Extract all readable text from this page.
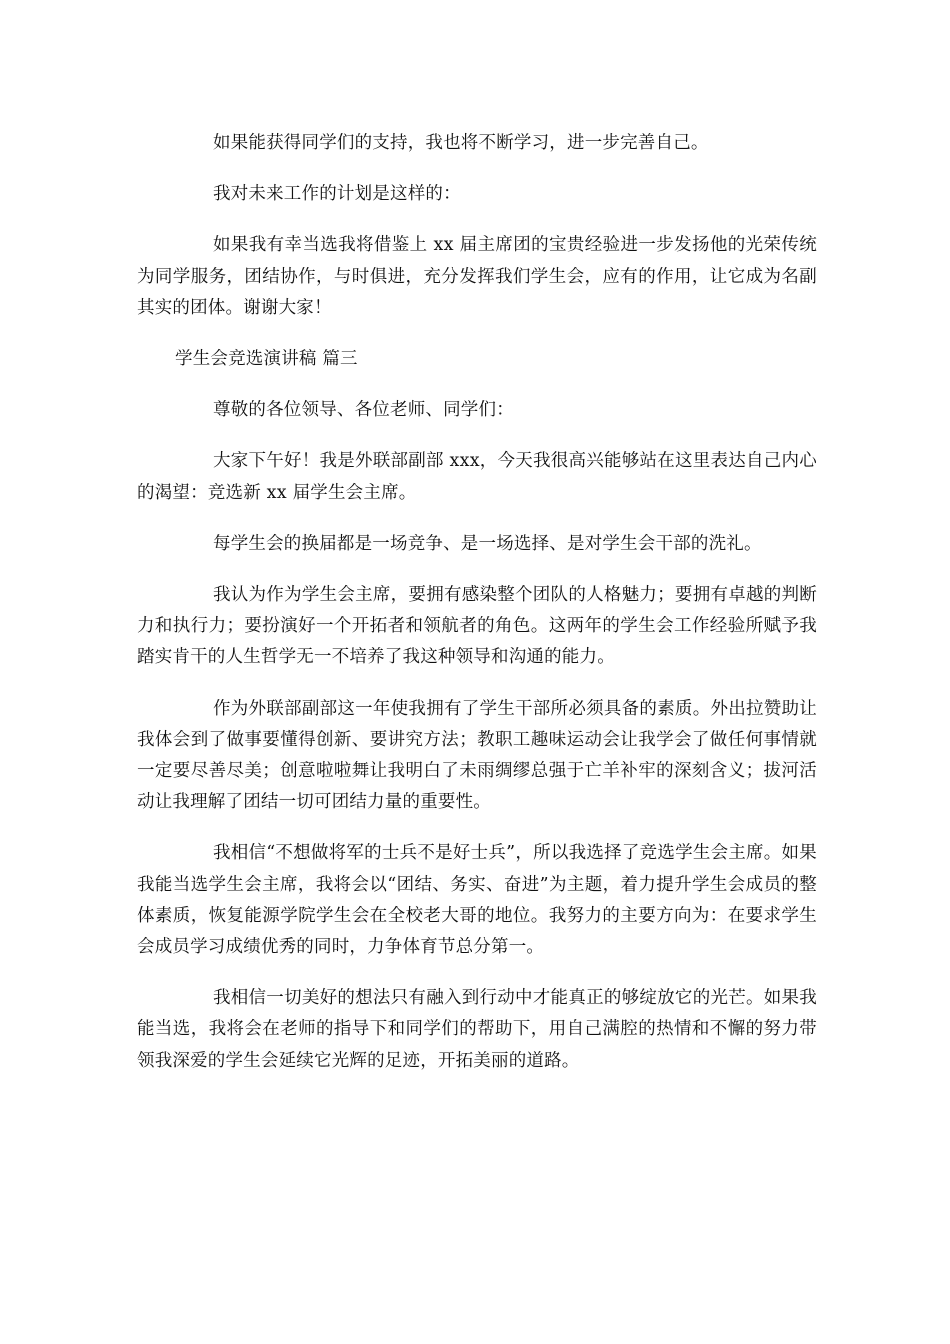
如果能获得同学们的支持，我也将不断学习，进一步完善自己。

我对未来工作的计划是这样的：

如果我有幸当选我将借鉴上 xx 届主席团的宝贵经验进一步发扬他的光荣传统为同学服务，团结协作，与时俱进，充分发挥我们学生会，应有的作用，让它成为名副其实的团体。谢谢大家！

学生会竞选演讲稿 篇三

尊敬的各位领导、各位老师、同学们：

大家下午好！我是外联部副部 xxx，今天我很高兴能够站在这里表达自己内心的渴望：竞选新 xx 届学生会主席。

每学生会的换届都是一场竞争、是一场选择、是对学生会干部的洗礼。

我认为作为学生会主席，要拥有感染整个团队的人格魅力；要拥有卓越的判断力和执行力；要扮演好一个开拓者和领航者的角色。这两年的学生会工作经验所赋予我踏实肯干的人生哲学无一不培养了我这种领导和沟通的能力。

作为外联部副部这一年使我拥有了学生干部所必须具备的素质。外出拉赞助让我体会到了做事要懂得创新、要讲究方法；教职工趣味运动会让我学会了做任何事情就一定要尽善尽美；创意啦啦舞让我明白了未雨绸缪总强于亡羊补牢的深刻含义；拔河活动让我理解了团结一切可团结力量的重要性。

我相信“不想做将军的士兵不是好士兵”，所以我选择了竞选学生会主席。如果我能当选学生会主席，我将会以“团结、务实、奋进”为主题，着力提升学生会成员的整体素质，恢复能源学院学生会在全校老大哥的地位。我努力的主要方向为：在要求学生会成员学习成绩优秀的同时，力争体育节总分第一。

我相信一切美好的想法只有融入到行动中才能真正的够绽放它的光芒。如果我能当选，我将会在老师的指导下和同学们的帮助下，用自己满腔的热情和不懈的努力带领我深爱的学生会延续它光辉的足迹，开拓美丽的道路。
